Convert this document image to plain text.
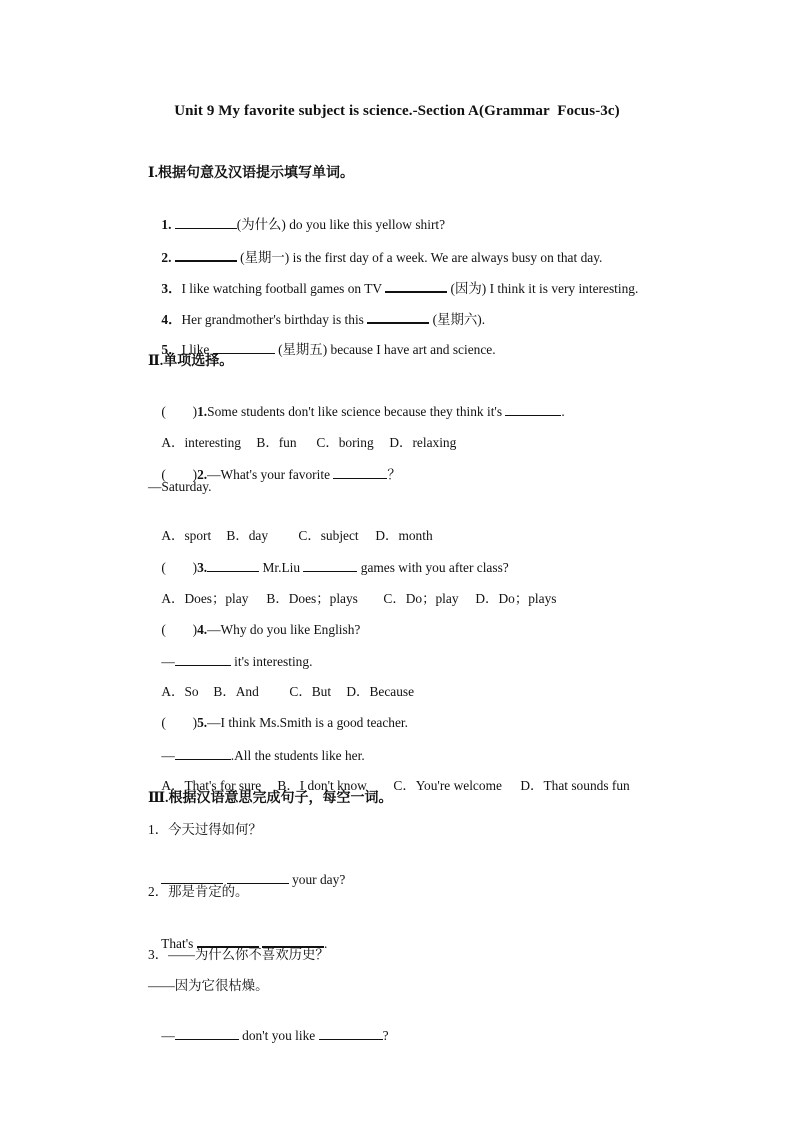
Unit 9 My favorite subject is science.-Section A(Grammar  Focus-3c)
Ⅰ.根据句意及汉语提示填写单词。

1.	(为什么) do you like this yellow shirt?

2.	(星期一) is the first day of a week. We are always busy on that day.

3．I like watching football games on TV	(因为) I think it is very interesting.

4．Her grandmother's birthday is this	(星期六).

5．I like	(星期五) because I have art and science.

Ⅱ.单项选择。

(        )1.Some students don't like science because they think it's	.

A．interesting B．fun C．boring D．relaxing

(        )2.—What's your favorite	？

—Saturday.

A．sport B．day C．subject D．month

(        )3.	Mr.Liu	games with you after class?

A．Does；play B．Does；plays C．Do；play D．Do；plays

(        )4.—Why do you like English?

—	it's interesting.

A．So B．And C．But D．Because

(        )5.—I think Ms.Smith is a good teacher.

—	.All the students like her.

A．That's for sure B．I don't know C．You're welcome D．That sounds fun

Ⅲ.根据汉语意思完成句子，每空一词。
1．今天过得如何？

your day?

2．那是肯定的。

That's	.

3．——为什么你不喜欢历史？
——因为它很枯燥。

—	don't you like	?
